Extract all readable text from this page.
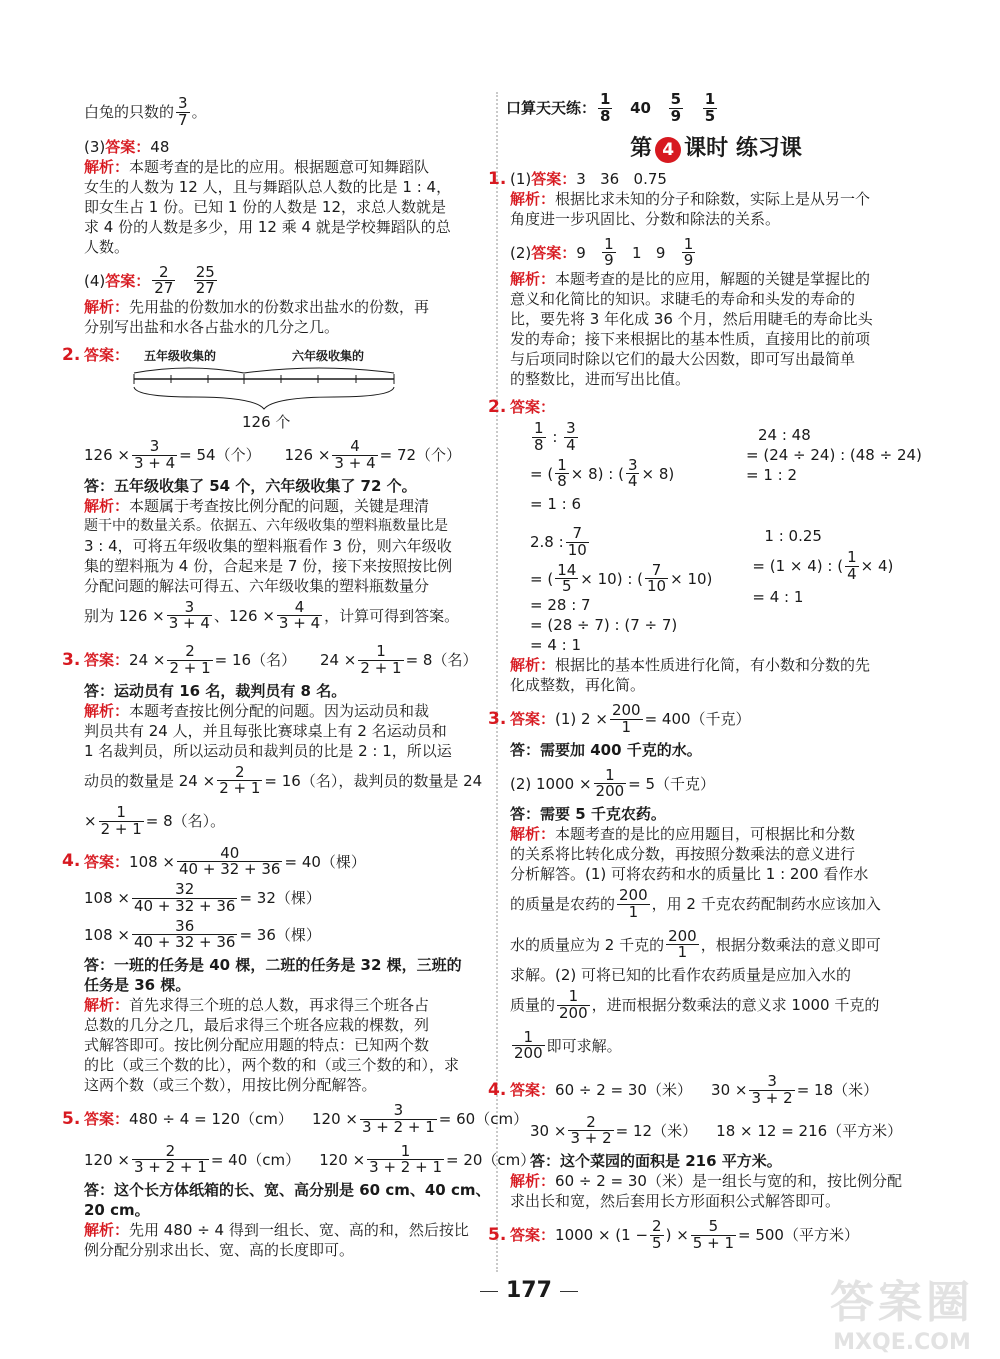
白兔的只数的 $\frac{3}{7}$ 。
(3)答案：48
解析：本题考查的是比的应用。根据题意可知舞蹈队
女生的人数为 12 人，且与舞蹈队总人数的比是 1 : 4，
即女生占 1 份。已知 1 份的人数是 12，求总人数就是
求 4 份的人数是多少，用 12 乘 4 就是学校舞蹈队的总
人数。
(4)答案： $\frac{2}{27}$
$\frac{25}{27}$
解析：先用盐的份数加水的份数求出盐水的份数，再
分别写出盐和水各占盐水的几分之几。
2. 答案：	五年级收集的	六年级收集的
126 个
$126 \times \frac{3}{3 + 4} = 54$（个） $126 \times \frac{4}{3 + 4} = 72$（个）
答：五年级收集了 54 个，六年级收集了 72 个。
解析：本题属于考查按比例分配的问题，关键是理清
题干中的数量关系。依据五、六年级收集的塑料瓶数量比是
3 : 4，可将五年级收集的塑料瓶看作 3 份，则六年级收
集的塑料瓶为 4 份，合起来是 7 份，接下来按照按比例
分配问题的解法可得五、六年级收集的塑料瓶数量分
别为 $126 \times \frac{3}{3 + 4}$ 、$126 \times \frac{4}{3 + 4}$ ，计算可得到答案。
3. 答案：$24 \times \frac{2}{2 + 1} = 16$（名） $24 \times \frac{1}{2 + 1} = 8$（名）
答：运动员有 16 名，裁判员有 8 名。
解析：本题考查按比例分配的问题。因为运动员和裁
判员共有 24 人，并且每张比赛球桌上有 2 名运动员和
1 名裁判员，所以运动员和裁判员的比是 2 : 1，所以运
动员的数量是 $24 \times \frac{2}{2 + 1} = 16$（名），裁判员的数量是 24
× $\frac{1}{2 + 1} = 8$（名）。
4. 答案：$108 \times \frac{40}{40 + 32 + 36} = 40$（棵）
$108 \times \frac{32}{40 + 32 + 36} = 32$（棵）
$108 \times \frac{36}{40 + 32 + 36} = 36$（棵）
答：一班的任务是 40 棵，二班的任务是 32 棵，三班的
任务是 36 棵。
解析：首先求得三个班的总人数，再求得三个班各占
总数的几分之几，最后求得三个班各应栽的棵数，列
式解答即可。按比例分配应用题的特点：已知两个数
的比（或三个数的比），两个数的和（或三个数的和），求
这两个数（或三个数），用按比例分配解答。
5. 答案：480 ÷ 4 = 120（cm） $120 \times \frac{3}{3 + 2 + 1} = 60(cm)$
$120 \times \frac{2}{3 + 2 + 1} = 40(cm) 120 \times \frac{1}{3 + 2 + 1} = 20(cm)$
答：这个长方体纸箱的长、宽、高分别是 60 cm、40 cm、
20 cm。
解析：先用 480 ÷ 4 得到一组长、宽、高的和，然后按比
例分配分别求出长、宽、高的长度即可。
口算天天练： $\frac{1}{8} 40 \frac{5}{9}$
$\frac{1}{5}$
第 4 课时 练习课
1. (1)答案：3   36   0.75
解析：根据比求未知的分子和除数，实际上是从另一个
角度进一步巩固比、分数和除法的关系。
(2)答案：$9 \frac{1}{9} 1$   $9 \frac{1}{9}$
解析：本题考查的是比的应用，解题的关键是掌握比的
意义和化简比的知识。求睫毛的寿命和头发的寿命的
比，要先将 3 年化成 36 个月，然后用睫毛的寿命比头
发的寿命；接下来根据比的基本性质，直接用比的前项
与后项同时除以它们的最大公因数，即可写出最简单
的整数比，进而写出比值。
2. 答案：
$\frac{1}{8}$ : $\frac{3}{4}$
= ( $\frac{1}{8} \times 8$) : ( $\frac{3}{4} \times 8$)
= 1 : 6
24 : 48
= (24 ÷ 24) : (48 ÷ 24)
= 1 : 2
2.8 : $\frac{7}{10}$
= ( $\frac{14}{5} \times 10$) : ( $\frac{7}{10} \times 10$)
= 28 : 7
= (28 ÷ 7) : (7 ÷ 7)
= 4 : 1
1 : 0.25
= (1 × 4) : ( $\frac{1}{4} \times 4$)
= 4 : 1
解析：根据比的基本性质进行化简，有小数和分数的先
化成整数，再化简。
3. 答案：(1) $2 \times \frac{200}{1} = 400$（千克）
答：需要加 400 千克的水。
(2) $1000 \times \frac{1}{200} = 5$（千克）
答：需要 5 千克农药。
解析：本题考查的是比的应用题目，可根据比和分数
的关系将比转化成分数，再按照分数乘法的意义进行
分析解答。(1) 可将农药和水的质量比 1 : 200 看作水
的质量是农药的 $\frac{200}{1}$ ，用 2 千克农药配制药水应该加入
水的质量应为 2 千克的 $\frac{200}{1}$ ，根据分数乘法的意义即可
求解。(2) 可将已知的比看作农药质量是应加入水的
质量的 $\frac{1}{200}$ ，进而根据分数乘法的意义求 1000 千克的
$\frac{1}{200}$ 即可求解。
4. 答案：60 ÷ 2 = 30（米） $30 \times \frac{3}{3 + 2} = 18$（米）
$30 \times \frac{2}{3 + 2} = 12$（米） 18 × 12 = 216（平方米）
答：这个菜园的面积是 216 平方米。
解析：60 ÷ 2 = 30（米）是一组长与宽的和，按比例分配
求出长和宽，然后套用长方形面积公式解答即可。
5. 答案：$1000 \times (1 - \frac{2}{5}$ ) × $\frac{5}{5 + 1} = 500$（平方米）
177	答案圈
MXQE.COM
